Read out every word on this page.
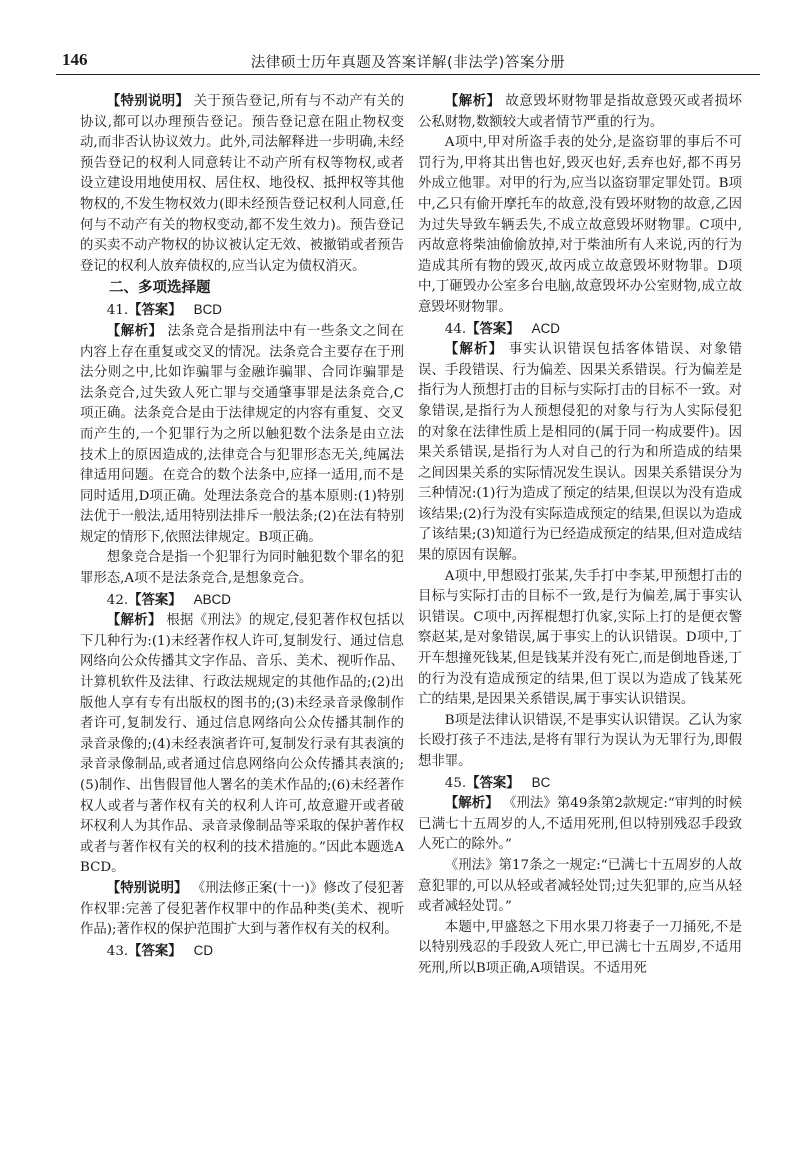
146	法律硕士历年真题及答案详解(非法学)答案分册

【特别说明】 关于预告登记,所有与不动产有关的协议,都可以办理预告登记。预告登记意在阻止物权变动,而非否认协议效力。此外,司法解释进一步明确,未经预告登记的权利人同意转让不动产所有权等物权,或者设立建设用地使用权、居住权、地役权、抵押权等其他物权的,不发生物权效力(即未经预告登记权利人同意,任何与不动产有关的物权变动,都不发生效力)。预告登记的买卖不动产物权的协议被认定无效、被撤销或者预告登记的权利人放弃债权的,应当认定为债权消灭。

二、多项选择题

41.【答案】 BCD

【解析】 法条竞合是指刑法中有一些条文之间在内容上存在重复或交叉的情况。法条竞合主要存在于刑法分则之中,比如诈骗罪与金融诈骗罪、合同诈骗罪是法条竞合,过失致人死亡罪与交通肇事罪是法条竞合,C项正确。法条竞合是由于法律规定的内容有重复、交叉而产生的,一个犯罪行为之所以触犯数个法条是由立法技术上的原因造成的,法律竞合与犯罪形态无关,纯属法律适用问题。在竞合的数个法条中,应择一适用,而不是同时适用,D项正确。处理法条竞合的基本原则:(1)特别法优于一般法,适用特别法排斥一般法条;(2)在法有特别规定的情形下,依照法律规定。B项正确。

想象竞合是指一个犯罪行为同时触犯数个罪名的犯罪形态,A项不是法条竞合,是想象竞合。

42.【答案】 ABCD

【解析】 根据《刑法》的规定,侵犯著作权包括以下几种行为:(1)未经著作权人许可,复制发行、通过信息网络向公众传播其文字作品、音乐、美术、视听作品、计算机软件及法律、行政法规规定的其他作品的;(2)出版他人享有专有出版权的图书的;(3)未经录音录像制作者许可,复制发行、通过信息网络向公众传播其制作的录音录像的;(4)未经表演者许可,复制发行录有其表演的录音录像制品,或者通过信息网络向公众传播其表演的;(5)制作、出售假冒他人署名的美术作品的;(6)未经著作权人或者与著作权有关的权利人许可,故意避开或者破坏权利人为其作品、录音录像制品等采取的保护著作权或者与著作权有关的权利的技术措施的。”因此本题选ABCD。

【特别说明】 《刑法修正案(十一)》修改了侵犯著作权罪:完善了侵犯著作权罪中的作品种类(美术、视听作品);著作权的保护范围扩大到与著作权有关的权利。

43.【答案】 CD

【解析】 故意毁坏财物罪是指故意毁灭或者损坏公私财物,数额较大或者情节严重的行为。

A项中,甲对所盗手表的处分,是盗窃罪的事后不可罚行为,甲将其出售也好,毁灭也好,丢弃也好,都不再另外成立他罪。对甲的行为,应当以盗窃罪定罪处罚。B项中,乙只有偷开摩托车的故意,没有毁坏财物的故意,乙因为过失导致车辆丢失,不成立故意毁坏财物罪。C项中,丙故意将柴油偷偷放掉,对于柴油所有人来说,丙的行为造成其所有物的毁灭,故丙成立故意毁坏财物罪。D项中,丁砸毁办公室多台电脑,故意毁坏办公室财物,成立故意毁坏财物罪。

44.【答案】 ACD

【解析】 事实认识错误包括客体错误、对象错误、手段错误、行为偏差、因果关系错误。行为偏差是指行为人预想打击的目标与实际打击的目标不一致。对象错误,是指行为人预想侵犯的对象与行为人实际侵犯的对象在法律性质上是相同的(属于同一构成要件)。因果关系错误,是指行为人对自己的行为和所造成的结果之间因果关系的实际情况发生误认。因果关系错误分为三种情况:(1)行为造成了预定的结果,但误以为没有造成该结果;(2)行为没有实际造成预定的结果,但误以为造成了该结果;(3)知道行为已经造成预定的结果,但对造成结果的原因有误解。

A项中,甲想殴打张某,失手打中李某,甲预想打击的目标与实际打击的目标不一致,是行为偏差,属于事实认识错误。C项中,丙挥棍想打仇家,实际上打的是便衣警察赵某,是对象错误,属于事实上的认识错误。D项中,丁开车想撞死钱某,但是钱某并没有死亡,而是倒地昏迷,丁的行为没有造成预定的结果,但丁误以为造成了钱某死亡的结果,是因果关系错误,属于事实认识错误。

B项是法律认识错误,不是事实认识错误。乙认为家长殴打孩子不违法,是将有罪行为误认为无罪行为,即假想非罪。

45.【答案】 BC

【解析】 《刑法》第49条第2款规定:“审判的时候已满七十五周岁的人,不适用死刑,但以特别残忍手段致人死亡的除外。”

《刑法》第17条之一规定:“已满七十五周岁的人故意犯罪的,可以从轻或者减轻处罚;过失犯罪的,应当从轻或者减轻处罚。”

本题中,甲盛怒之下用水果刀将妻子一刀捅死,不是以特别残忍的手段致人死亡,甲已满七十五周岁,不适用死刑,所以B项正确,A项错误。不适用死
